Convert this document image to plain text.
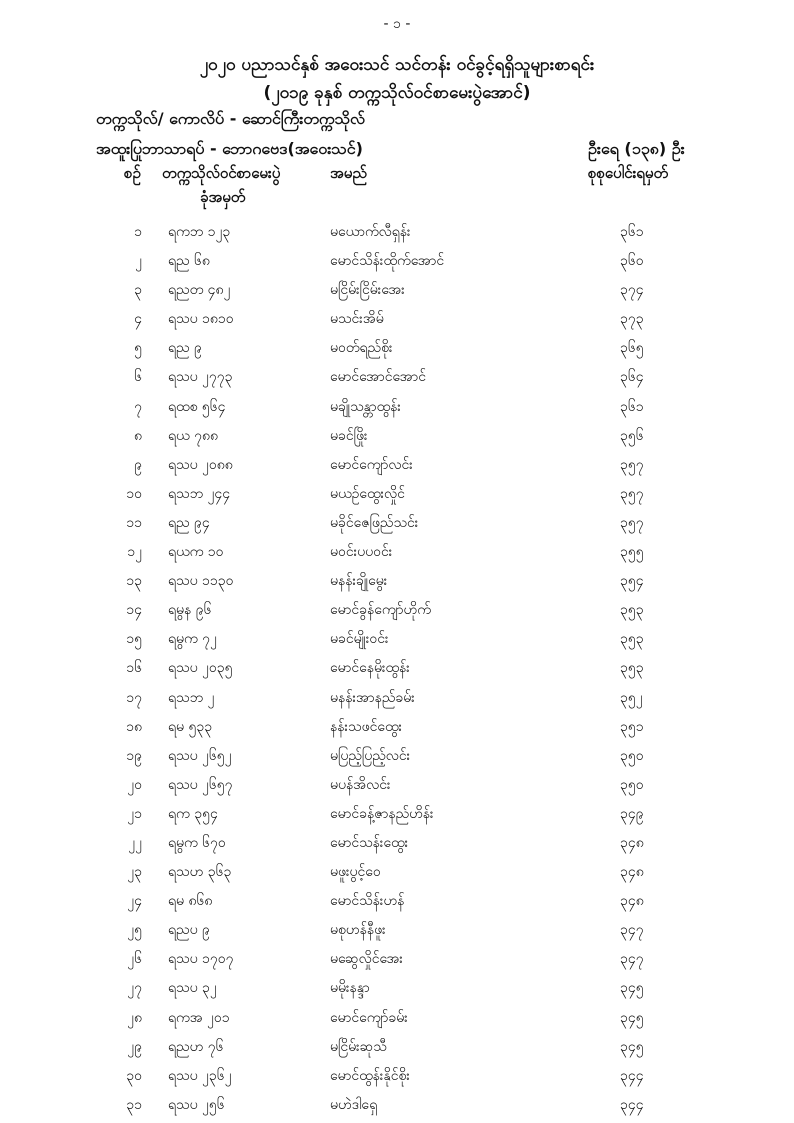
- ၁ -
၂၀၂၀ ပညာသင်နှစ် အဝေးသင် သင်တန်း ဝင်ခွင့်ရရှိသူများစာရင်း
(၂၀၁၉ ခုနှစ် တက္ကသိုလ်ဝင်စာမေးပွဲအောင်)
တက္ကသိုလ်/ ကောလိပ် - ဆောင်ကြီးတက္ကသိုလ်
အထူးပြုဘာသာရပ် - ဘောဂဗေဒ(အဝေးသင်)	ဦးရေ (၁၃၈) ဦး
စဉ် တက္ကသိုလ်ဝင်စာမေးပွဲ
ခုံအမှတ်
အမည်	စုစုပေါင်းရမှတ်
၁ ရကဘ ၁၂၃	မယောက်လီရှန်း	၃၆၁
၂ ရည ၆၈	မောင်သိန်းထိုက်အောင်	၃၆၀
၃ ရညတ ၄၈၂	မငြိမ်းငြိမ်းအေး	၃၇၄
၄ ရသပ ၁၈၁၀	မသင်းအိမ်	၃၇၃
၅ ရည ၉	မဝတ်ရည်စိုး	၃၆၅
၆ ရသပ ၂၇၇၃	မောင်အောင်အောင်	၃၆၄
၇ ရထစ ၅၆၄	မချိုသန္တာထွန်း	၃၆၁
၈ ရယ ၇၈၈	မခင်ဖြိုး	၃၅၆
၉ ရသပ ၂၀၈၈	မောင်ကျော်လင်း	၃၅၇
၁၀ ရသဘ ၂၄၄	မယဉ်ထွေးလှိုင်	၃၅၇
၁၁ ရည ၉၄	မခိုင်ဇေဖြည်သင်း	၃၅၇
၁၂ ရယက ၁၀	မဝင်းပပဝင်း	၃၅၅
၁၃ ရသပ ၁၁၃၀	မနန်းချိုမွေး	၃၅၄
၁၄ ရမွန ၉၆	မောင်ခွန်ကျော်ဟိုက်	၃၅၃
၁၅ ရမွက ၇၂	မခင်မျိုးဝင်း	၃၅၃
၁၆ ရသပ ၂၀၃၅	မောင်နေမိုးထွန်း	၃၅၃
၁၇ ရသဘ ၂	မနန်းအာနည်ခမ်း	၃၅၂
၁၈ ရမ ၅၃၃	နန်းသဖင်ထွေး	၃၅၁
၁၉ ရသပ ၂၆၅၂	မပြည့်ပြည့်လင်း	၃၅၀
၂၀ ရသပ ၂၆၅၇	မပန်အိလင်း	၃၅၀
၂၁ ရက ၃၅၄	မောင်ခန့်ဇာနည်ဟိန်း	၃၄၉
၂၂ ရမွက ၆၇၀	မောင်သန်းထွေး	၃၄၈
၂၃ ရသဟ ၃၆၃	မဖူးပွင့်ဝေ	၃၄၈
၂၄ ရမ ၈၆၈	မောင်သိန်းဟန်	၃၄၈
၂၅ ရညပ ၉	မစုဟန်နီဖူး	၃၄၇
၂၆ ရသပ ၁၇၀၇	မဆွေလှိုင်အေး	၃၄၇
၂၇ ရသပ ၃၂	မမိုးနန္ဒာ	၃၄၅
၂၈ ရကအ ၂၀၁	မောင်ကျော်ခမ်း	၃၄၅
၂၉ ရညဟ ၇၆	မငြိမ်းဆုသီ	၃၄၅
၃၀ ရသပ ၂၃၆၂	မောင်ထွန်းနိုင်စိုး	၃၄၄
၃၁ ရသပ ၂၅၆	မဟဲဒါရှေ	၃၄၄
